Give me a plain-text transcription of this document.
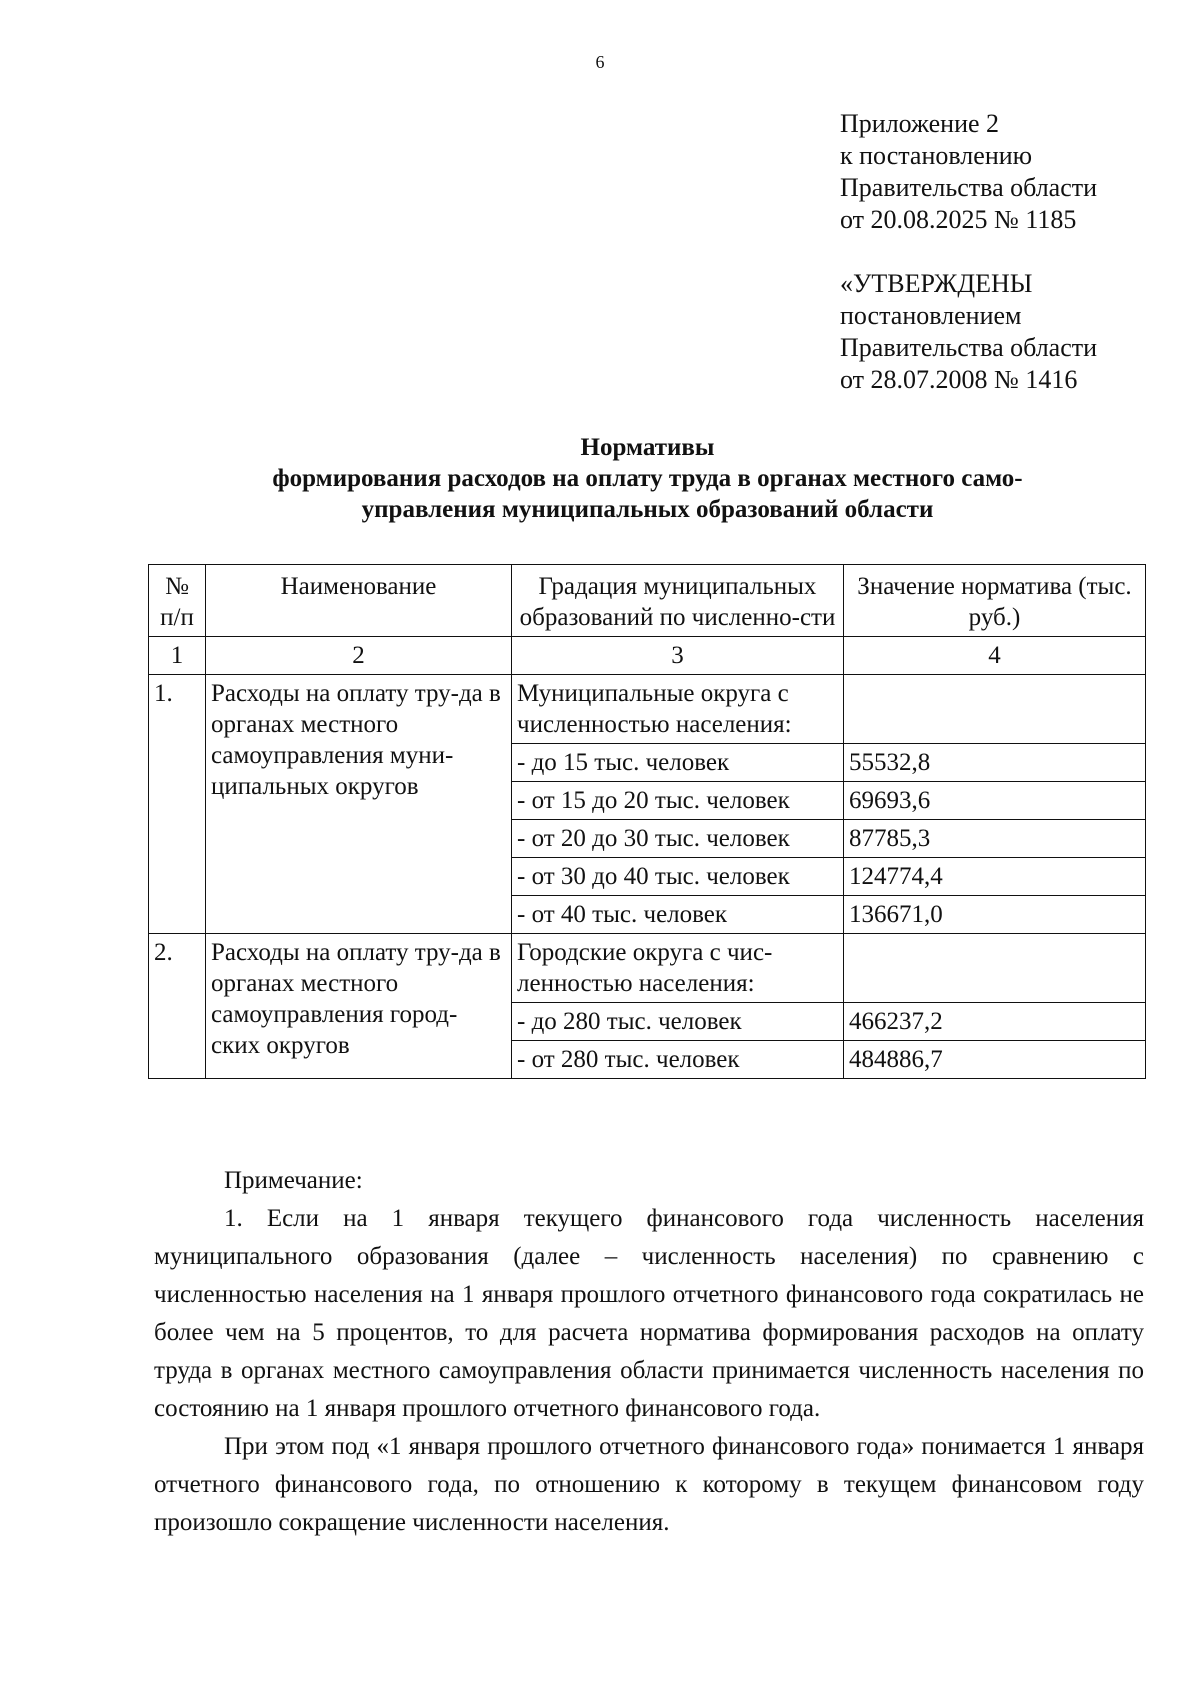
6
Приложение 2
к постановлению
Правительства области
от 20.08.2025 № 1185
«УТВЕРЖДЕНЫ
постановлением
Правительства области
от 28.07.2008 № 1416
Нормативы
формирования расходов на оплату труда в органах местного само-
управления муниципальных образований области
№ п/п	Наименование	Градация муниципальных образований по численно-сти	Значение норматива (тыс. руб.)
1	2	3	4
1.	Расходы на оплату тру-да в органах местного самоуправления муни-ципальных округов	Муниципальные округа с численностью населения:	
		- до 15 тыс. человек	55532,8
		- от 15 до 20 тыс. человек	69693,6
		- от 20 до 30 тыс. человек	87785,3
		- от 30 до 40 тыс. человек	124774,4
		- от 40 тыс. человек	136671,0
2.	Расходы на оплату тру-да в органах местного самоуправления город-ских округов	Городские округа с чис-ленностью населения:	
		- до 280 тыс. человек	466237,2
		- от 280 тыс. человек	484886,7

Примечание:

1. Если на 1 января текущего финансового года численность населения муниципального образования (далее – численность населения) по сравнению с численностью населения на 1 января прошлого отчетного финансового года сократилась не более чем на 5 процентов, то для расчета норматива формирования расходов на оплату труда в органах местного самоуправления области принимается численность населения по состоянию на 1 января прошлого отчетного финансового года.

При этом под «1 января прошлого отчетного финансового года» понимается 1 января отчетного финансового года, по отношению к которому в текущем финансовом году произошло сокращение численности населения.
